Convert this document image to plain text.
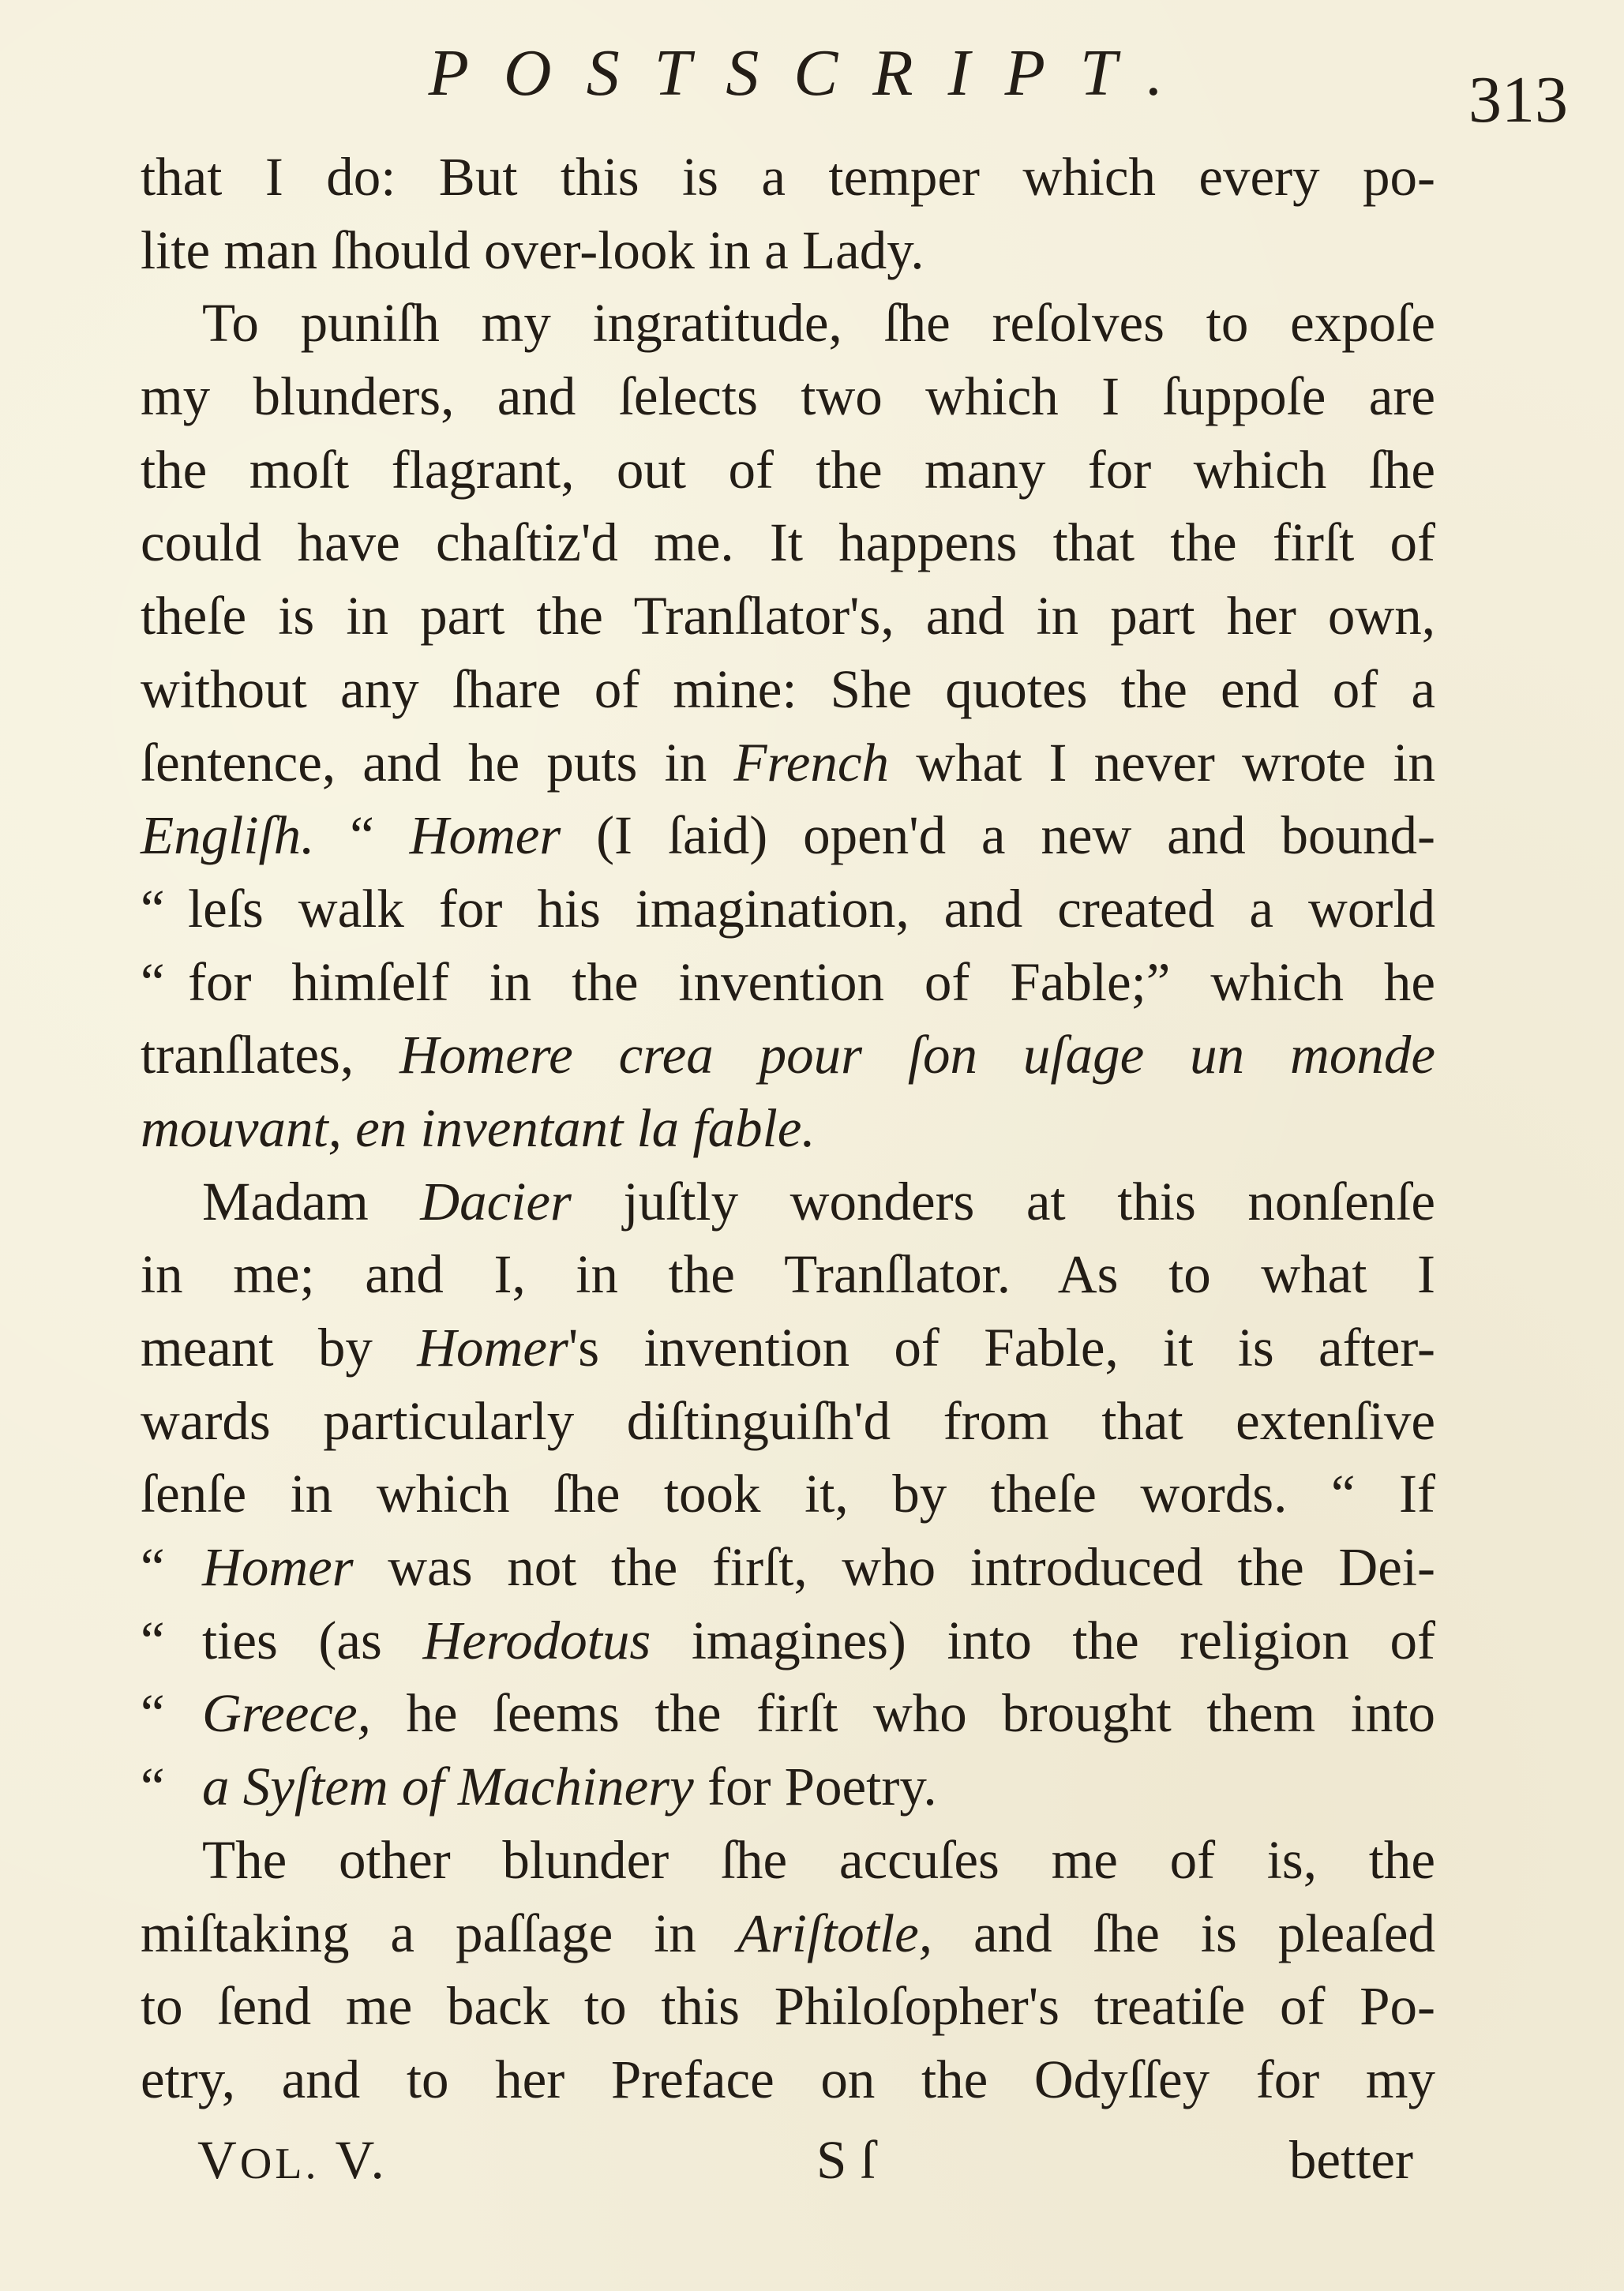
POSTSCRIPT.	313
that I do: But this is a temper which every po-
lite man ſhould over-look in a Lady.
To puniſh my ingratitude, ſhe reſolves to expoſe
my blunders, and ſelects two which I ſuppoſe are
the moſt flagrant, out of the many for which ſhe
could have chaſtiz'd me. It happens that the firſt of
theſe is in part the Tranſlator's, and in part her own,
without any ſhare of mine: She quotes the end of a
ſentence, and he puts in French what I never wrote in
Engliſh. “ Homer (I ſaid) open'd a new and bound-
“ leſs walk for his imagination, and created a world
“ for himſelf in the invention of Fable;” which he
tranſlates, Homere crea pour ſon uſage un monde
mouvant, en inventant la fable.
Madam Dacier juſtly wonders at this nonſenſe
in me; and I, in the Tranſlator. As to what I
meant by Homer's invention of Fable, it is after-
wards particularly diſtinguiſh'd from that extenſive
ſenſe in which ſhe took it, by theſe words. “ If
“ Homer was not the firſt, who introduced the Dei-
“ ties (as Herodotus imagines) into the religion of
“ Greece, he ſeems the firſt who brought them into
“ a Syſtem of Machinery for Poetry.
The other blunder ſhe accuſes me of is, the
miſtaking a paſſage in Ariſtotle, and ſhe is pleaſed
to ſend me back to this Philoſopher's treatiſe of Po-
etry, and to her Preface on the Odyſſey for my
VOL. V.	S ſ	better
